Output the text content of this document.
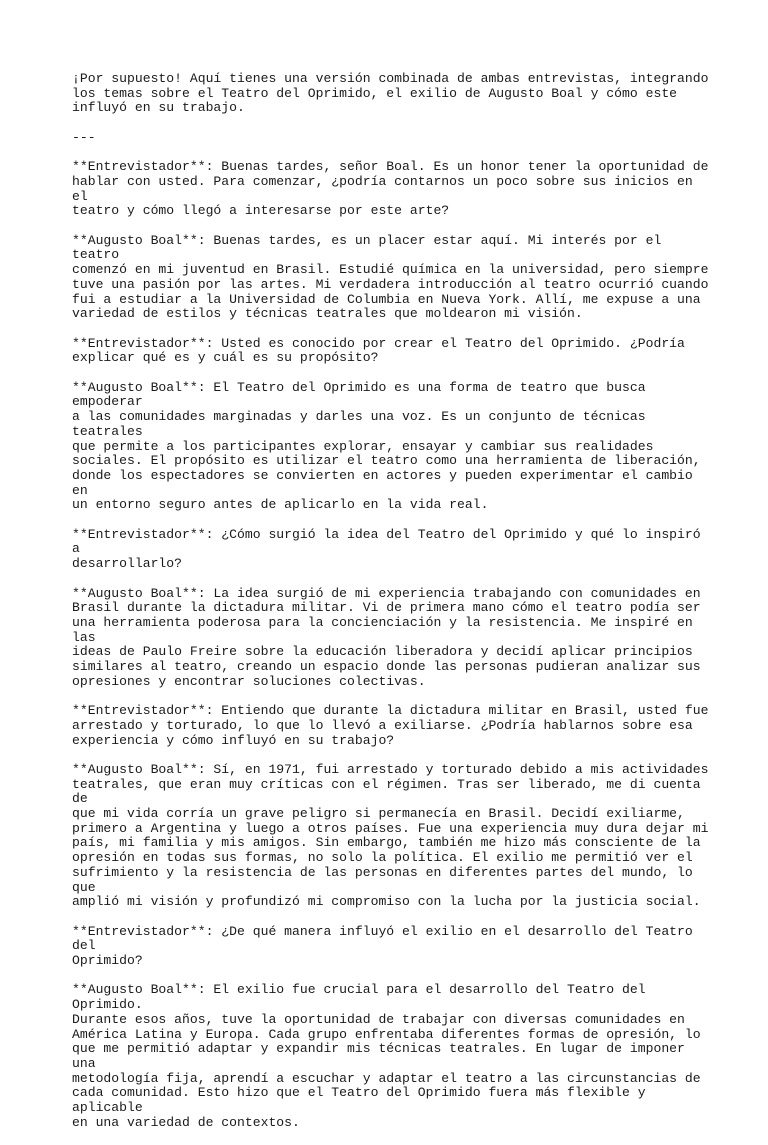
¡Por supuesto! Aquí tienes una versión combinada de ambas entrevistas, integrando
los temas sobre el Teatro del Oprimido, el exilio de Augusto Boal y cómo este
influyó en su trabajo.

---

**Entrevistador**: Buenas tardes, señor Boal. Es un honor tener la oportunidad de
hablar con usted. Para comenzar, ¿podría contarnos un poco sobre sus inicios en el
teatro y cómo llegó a interesarse por este arte?

**Augusto Boal**: Buenas tardes, es un placer estar aquí. Mi interés por el teatro
comenzó en mi juventud en Brasil. Estudié química en la universidad, pero siempre
tuve una pasión por las artes. Mi verdadera introducción al teatro ocurrió cuando
fui a estudiar a la Universidad de Columbia en Nueva York. Allí, me expuse a una
variedad de estilos y técnicas teatrales que moldearon mi visión.

**Entrevistador**: Usted es conocido por crear el Teatro del Oprimido. ¿Podría
explicar qué es y cuál es su propósito?

**Augusto Boal**: El Teatro del Oprimido es una forma de teatro que busca empoderar
a las comunidades marginadas y darles una voz. Es un conjunto de técnicas teatrales
que permite a los participantes explorar, ensayar y cambiar sus realidades
sociales. El propósito es utilizar el teatro como una herramienta de liberación,
donde los espectadores se convierten en actores y pueden experimentar el cambio en
un entorno seguro antes de aplicarlo en la vida real.

**Entrevistador**: ¿Cómo surgió la idea del Teatro del Oprimido y qué lo inspiró a
desarrollarlo?

**Augusto Boal**: La idea surgió de mi experiencia trabajando con comunidades en
Brasil durante la dictadura militar. Vi de primera mano cómo el teatro podía ser
una herramienta poderosa para la concienciación y la resistencia. Me inspiré en las
ideas de Paulo Freire sobre la educación liberadora y decidí aplicar principios
similares al teatro, creando un espacio donde las personas pudieran analizar sus
opresiones y encontrar soluciones colectivas.

**Entrevistador**: Entiendo que durante la dictadura militar en Brasil, usted fue
arrestado y torturado, lo que lo llevó a exiliarse. ¿Podría hablarnos sobre esa
experiencia y cómo influyó en su trabajo?

**Augusto Boal**: Sí, en 1971, fui arrestado y torturado debido a mis actividades
teatrales, que eran muy críticas con el régimen. Tras ser liberado, me di cuenta de
que mi vida corría un grave peligro si permanecía en Brasil. Decidí exiliarme,
primero a Argentina y luego a otros países. Fue una experiencia muy dura dejar mi
país, mi familia y mis amigos. Sin embargo, también me hizo más consciente de la
opresión en todas sus formas, no solo la política. El exilio me permitió ver el
sufrimiento y la resistencia de las personas en diferentes partes del mundo, lo que
amplió mi visión y profundizó mi compromiso con la lucha por la justicia social.

**Entrevistador**: ¿De qué manera influyó el exilio en el desarrollo del Teatro del
Oprimido?

**Augusto Boal**: El exilio fue crucial para el desarrollo del Teatro del Oprimido.
Durante esos años, tuve la oportunidad de trabajar con diversas comunidades en
América Latina y Europa. Cada grupo enfrentaba diferentes formas de opresión, lo
que me permitió adaptar y expandir mis técnicas teatrales. En lugar de imponer una
metodología fija, aprendí a escuchar y adaptar el teatro a las circunstancias de
cada comunidad. Esto hizo que el Teatro del Oprimido fuera más flexible y aplicable
en una variedad de contextos.
